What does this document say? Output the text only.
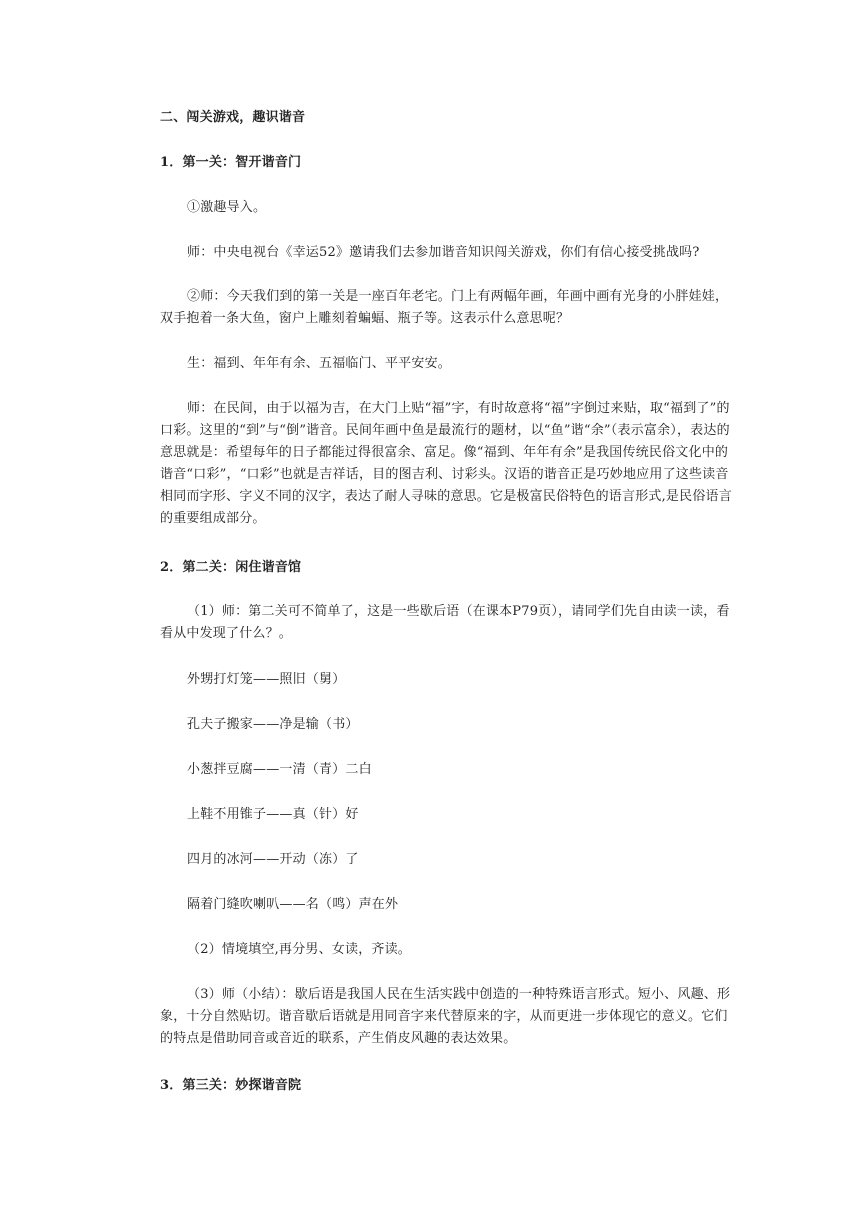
二、闯关游戏，趣识谐音
1．第一关：智开谐音门
①激趣导入。
师：中央电视台《幸运52》邀请我们去参加谐音知识闯关游戏，你们有信心接受挑战吗?
②师：今天我们到的第一关是一座百年老宅。门上有两幅年画，年画中画有光身的小胖娃娃，双手抱着一条大鱼，窗户上雕刻着蝙蝠、瓶子等。这表示什么意思呢？
生：福到、年年有余、五福临门、平平安安。
师：在民间，由于以福为吉，在大门上贴“福”字，有时故意将“福”字倒过来贴，取“福到了”的口彩。这里的“到”与“倒”谐音。民间年画中鱼是最流行的题材，以“鱼”谐“余”（表示富余），表达的意思就是：希望每年的日子都能过得很富余、富足。像“福到、年年有余”是我国传统民俗文化中的谐音“口彩”，“口彩”也就是吉祥话，目的图吉利、讨彩头。汉语的谐音正是巧妙地应用了这些读音相同而字形、字义不同的汉字，表达了耐人寻味的意思。它是极富民俗特色的语言形式,是民俗语言的重要组成部分。
2．第二关：闲住谐音馆
（1）师：第二关可不简单了，这是一些歇后语（在课本P79页），请同学们先自由读一读，看看从中发现了什么？。
外甥打灯笼——照旧（舅）
孔夫子搬家——净是输（书）
小葱拌豆腐——一清（青）二白
上鞋不用锥子——真（针）好
四月的冰河——开动（冻）了
隔着门缝吹喇叭——名（鸣）声在外
（2）情境填空,再分男、女读，齐读。
（3）师（小结）：歇后语是我国人民在生活实践中创造的一种特殊语言形式。短小、风趣、形象，十分自然贴切。谐音歇后语就是用同音字来代替原来的字，从而更进一步体现它的意义。它们的特点是借助同音或音近的联系，产生俏皮风趣的表达效果。
3．第三关：妙探谐音院
